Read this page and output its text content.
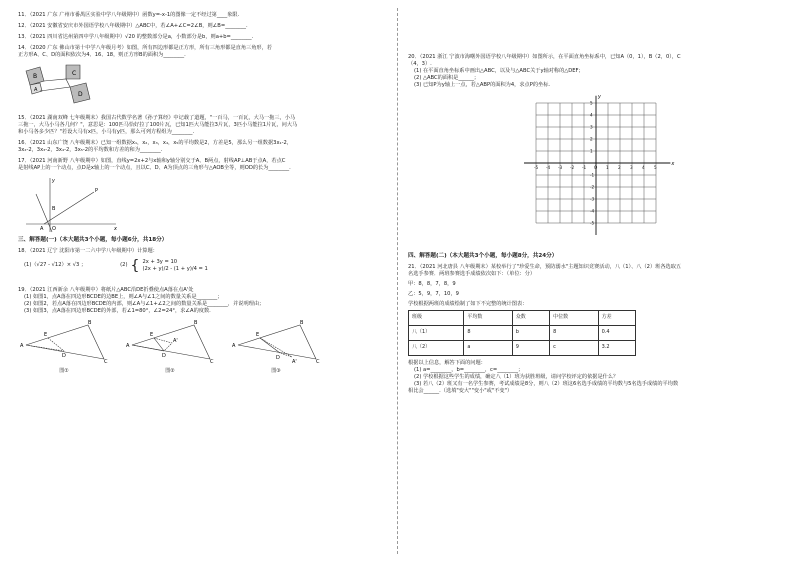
11．（2021 广东 广州市番禺区实验中学八年级期中）函数y=-x-1的图像一定不经过第____象限.

12．（2021 安徽省安庆市外国语学校八年级期中）△ABC中，若∠A+∠C=2∠B，则∠B=________.

13．（2021 四川省达州第四中学八年级期中）√20 的整数部分是a，小数部分是b，则a+b=________.

14．（2020 广东 佛山市第十中学八年级月考）如图，所有四边形都是正方形，所有三角形都是直角三角形，若

正方形A、C、D的面积依次为4、16、18，则正方形B的面积为________.

B	C
A
D

15．（2021 湖南双峰 七年级期末）我国古代数学名著《孙子算经》中记载了道题，"一百马，一百瓦，大马一拖三，小马

三拖一，大马小马各几何？"，意思是：100匹马恰好拉了100片瓦，已知1匹大马能拉3片瓦，3匹小马能拉1片瓦，问大马

和小马各多少匹？"若设大马有x匹，小马有y匹，那么可列方程组为________.

16．（2021 山东广饶 八年级期末）已知一组数据x₁，x₂，x₃，x₄，x₅的平均数是2，方差是5，那么另一组数据3x₁-2，

3x₂-2，3x₃-2，3x₄-2，3x₅-2的平均数和方差的和为________.

17．（2021 河南新野 八年级期中）如图，直线y=2x+2与x轴和y轴分别交于A、B两点，射线AP⊥AB于点A，若点C

是射线AP上的一个动点，点D是x轴上的一个动点，且以C、D、A为顶点的三角形与△AOB全等，则OD的长为________.

y
B
P
A O	x

三、解答题(一)（本大题共3个小题，每小题6分，共18分）

18．（2021 辽宁 沈阳市第一二六中学八年级期中）计算题：

(1)（√27 - √12）× √3 ；	(2) { 2x + 3y = 10
(2x + y)/2 - (1 + y)/4 = 1

19．（2021 江西新余 八年级期中）将纸片△ABC沿DE折叠使点A落在点A'处

(1) 如图1，点A落在四边形BCDE的边BE上，则∠A与∠1之间的数量关系是________；

(2) 如图2，若点A落在四边形BCDE的内部，则∠A与∠1+∠2之间的数量关系是________，并说明理由；

(3) 如图3，点A落在四边形BCDE的外部，若∠1=80°，∠2=24°，求∠A的度数.

A
E
B
D
C
图①
A
E
B
D
C
A'
图②
A
E
B
D
C
A'
图③

20．（2021 浙江 宁波市海曙外国语学校八年级期中）如图所示，在平面直角坐标系中，已知A（0，1），B（2，0），C

（4，3）.

(1) 在平面直角坐标系中画出△ABC，以及与△ABC关于y轴对称的△DEF；

(2) △ABC的面积是______；

(3) 已知P为y轴上一点，若△ABP的面积为4，求点P的坐标.

-5 -4 -3 -2 -1 O 1 2 3 4 5
5
4
3
2
1
-1
-2
-3
-4
-5
x
y

四、解答题(二)（本大题共3个小题，每小题8分，共24分）

21．（2021 河北唐县 八年级期末）某校举行了"珍爱生命，预防溺水"主题知识竞赛活动，八（1）、八（2）班各选取五

名选手参赛．两班参赛选手成绩依次如下：（单位：分）

甲：8，8，7，8，9

乙：5，9，7，10，9

学校根据两班的成绩绘制了如下不完整的统计图表：

班级	平均数	众数	中位数	方差
八（1）	8	b	8	0.4
八（2）	a	9	c	3.2

根据以上信息，解答下面的问题：

(1) a=________，b=________，c=________；

(2) 学校根据这些学生的成绩，确定八（1）班为获胜班级，请问学校评定的依据是什么？

(3) 若八（2）班又有一名学生参赛，考试成绩是8分，则八（2）班这6名选手成绩的平均数与5名选手成绩的平均数

相比会______.（选填"变大""变小"或"不变"）
